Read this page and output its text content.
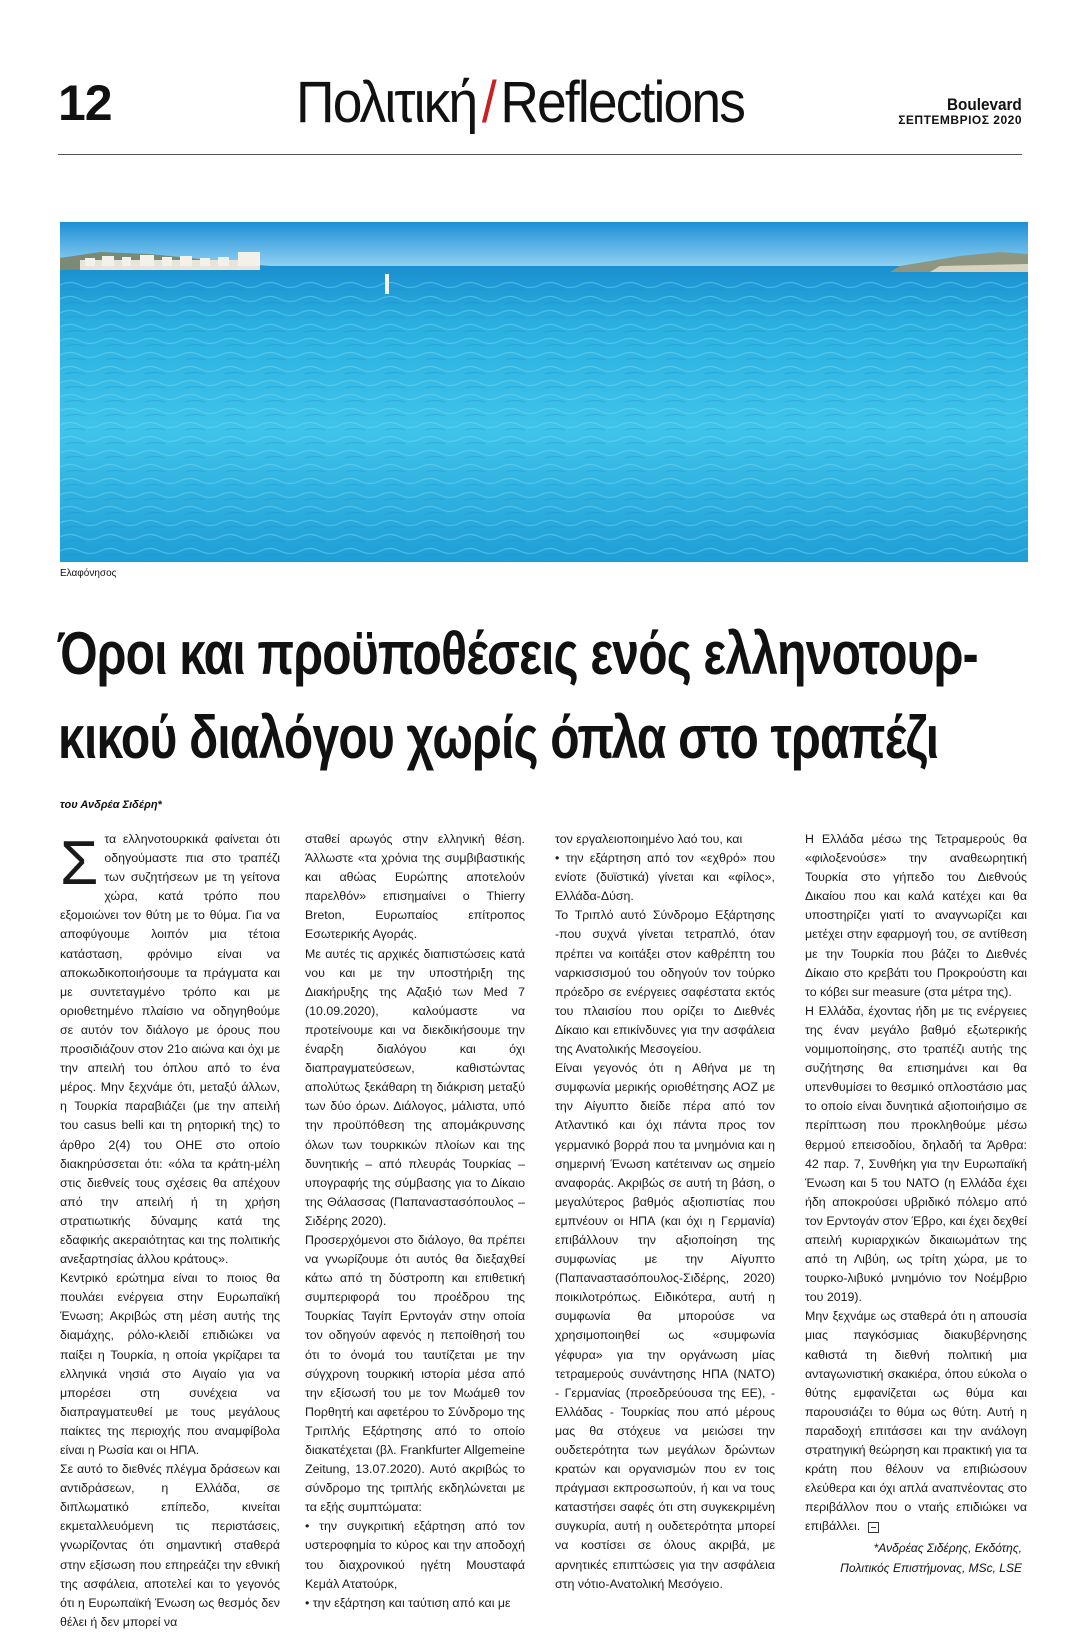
12	Πολιτική/Reflections	Boulevard
ΣΕΠΤΕΜΒΡΙΟΣ 2020
Ελαφόνησος
Όροι και προϋποθέσεις ενός ελληνοτουρ-
κικού διαλόγου χωρίς όπλα στο τραπέζι
του Ανδρέα Σιδέρη*
Σ τα ελληνοτουρκικά φαίνεται ότι οδηγούμαστε πια στο τραπέζι των συζητήσεων με τη γείτονα χώρα, κατά τρόπο που εξομοιώνει τον θύτη με το θύμα. Για να αποφύγουμε λοιπόν μια τέτοια κατάσταση, φρόνιμο είναι να αποκωδικοποιήσουμε τα πράγματα και με συντεταγμένο τρόπο και με οριοθετημένο πλαίσιο να οδηγηθούμε σε αυτόν τον διάλογο με όρους που προσιδιάζουν στον 21ο αιώνα και όχι με την απειλή του όπλου από το ένα μέρος. Μην ξεχνάμε ότι, μεταξύ άλλων, η Τουρκία παραβιάζει (με την απειλή του casus belli και τη ρητορική της) το άρθρο 2(4) του ΟΗΕ στο οποίο διακηρύσσεται ότι: «όλα τα κράτη-μέλη στις διεθνείς τους σχέσεις θα απέχουν από την απειλή ή τη χρήση στρατιωτικής δύναμης κατά της εδαφικής ακεραιότητας και της πολιτικής ανεξαρτησίας άλλου κράτους».

Κεντρικό ερώτημα είναι το ποιος θα πουλάει ενέργεια στην Ευρωπαϊκή Ένωση; Ακριβώς στη μέση αυτής της διαμάχης, ρόλο-κλειδί επιδιώκει να παίξει η Τουρκία, η οποία γκρίζαρει τα ελληνικά νησιά στο Αιγαίο για να μπορέσει στη συνέχεια να διαπραγματευθεί με τους μεγάλους παίκτες της περιοχής που αναμφίβολα είναι η Ρωσία και οι ΗΠΑ.

Σε αυτό το διεθνές πλέγμα δράσεων και αντιδράσεων, η Ελλάδα, σε διπλωματικό επίπεδο, κινείται εκμεταλλευόμενη τις περιστάσεις, γνωρίζοντας ότι σημαντική σταθερά στην εξίσωση που επηρεάζει την εθνική της ασφάλεια, αποτελεί και το γεγονός ότι η Ευρωπαϊκή Ένωση ως θεσμός δεν θέλει ή δεν μπορεί να

σταθεί αρωγός στην ελληνική θέση. Άλλωστε «τα χρόνια της συμβιβαστικής και αθώας Ευρώπης αποτελούν παρελθόν» επισημαίνει ο Thierry Breton, Ευρωπαίος επίτροπος Εσωτερικής Αγοράς.

Με αυτές τις αρχικές διαπιστώσεις κατά νου και με την υποστήριξη της Διακήρυξης της Αζαξιό των Med 7 (10.09.2020), καλούμαστε να προτείνουμε και να διεκδικήσουμε την έναρξη διαλόγου και όχι διαπραγματεύσεων, καθιστώντας απολύτως ξεκάθαρη τη διάκριση μεταξύ των δύο όρων. Διάλογος, μάλιστα, υπό την προϋπόθεση της απομάκρυνσης όλων των τουρκικών πλοίων και της δυνητικής – από πλευράς Τουρκίας – υπογραφής της σύμβασης για το Δίκαιο της Θάλασσας (Παπαναστασόπουλος – Σιδέρης 2020).

Προσερχόμενοι στο διάλογο, θα πρέπει να γνωρίζουμε ότι αυτός θα διεξαχθεί κάτω από τη δύστροπη και επιθετική συμπεριφορά του προέδρου της Τουρκίας Ταγίπ Ερντογάν στην οποία τον οδηγούν αφενός η πεποίθησή του ότι το όνομά του ταυτίζεται με την σύγχρονη τουρκική ιστορία μέσα από την εξίσωσή του με τον Μωάμεθ τον Πορθητή και αφετέρου το Σύνδρομο της Τριπλής Εξάρτησης από το οποίο διακατέχεται (βλ. Frankfurter Allgemeine Zeitung, 13.07.2020). Αυτό ακριβώς το σύνδρομο της τριπλής εκδηλώνεται με τα εξής συμπτώματα:

• την συγκριτική εξάρτηση από τον υστεροφημία το κύρος και την αποδοχή του διαχρονικού ηγέτη Μουσταφά Κεμάλ Ατατούρκ,

• την εξάρτηση και ταύτιση από και με

τον εργαλειοποιημένο λαό του, και

• την εξάρτηση από τον «εχθρό» που ενίοτε (δυϊστικά) γίνεται και «φίλος», Ελλάδα-Δύση.

Το Τριπλό αυτό Σύνδρομο Εξάρτησης -που συχνά γίνεται τετραπλό, όταν πρέπει να κοιτάξει στον καθρέπτη του ναρκισσισμού του οδηγούν τον τούρκο πρόεδρο σε ενέργειες σαφέστατα εκτός του πλαισίου που ορίζει το Διεθνές Δίκαιο και επικίνδυνες για την ασφάλεια της Ανατολικής Μεσογείου.

Είναι γεγονός ότι η Αθήνα με τη συμφωνία μερικής οριοθέτησης ΑΟΖ με την Αίγυπτο διείδε πέρα από τον Ατλαντικό και όχι πάντα προς τον γερμανικό βορρά που τα μνημόνια και η σημερινή Ένωση κατέτειναν ως σημείο αναφοράς. Ακριβώς σε αυτή τη βάση, ο μεγαλύτερος βαθμός αξιοπιστίας που εμπνέουν οι ΗΠΑ (και όχι η Γερμανία) επιβάλλουν την αξιοποίηση της συμφωνίας με την Αίγυπτο (Παπαναστασόπουλος-Σιδέρης, 2020) ποικιλοτρόπως. Ειδικότερα, αυτή η συμφωνία θα μπορούσε να χρησιμοποιηθεί ως «συμφωνία γέφυρα» για την οργάνωση μίας τετραμερούς συνάντησης ΗΠΑ (ΝΑΤΟ) - Γερμανίας (προεδρεύουσα της ΕΕ), - Ελλάδας - Τουρκίας που από μέρους μας θα στόχευε να μειώσει την ουδετερότητα των μεγάλων δρώντων κρατών και οργανισμών που εν τοις πράγμασι εκπροσωπούν, ή και να τους καταστήσει σαφές ότι στη συγκεκριμένη συγκυρία, αυτή η ουδετερότητα μπορεί να κοστίσει σε όλους ακριβά, με αρνητικές επιπτώσεις για την ασφάλεια στη νότιο-Ανατολική Μεσόγειο.

Η Ελλάδα μέσω της Τετραμερούς θα «φιλοξενούσε» την αναθεωρητική Τουρκία στο γήπεδο του Διεθνούς Δικαίου που και καλά κατέχει και θα υποστηρίζει γιατί το αναγνωρίζει και μετέχει στην εφαρμογή του, σε αντίθεση με την Τουρκία που βάζει το Διεθνές Δίκαιο στο κρεβάτι του Προκρούστη και το κόβει sur measure (στα μέτρα της).

Η Ελλάδα, έχοντας ήδη με τις ενέργειες της έναν μεγάλο βαθμό εξωτερικής νομιμοποίησης, στο τραπέζι αυτής της συζήτησης θα επισημάνει και θα υπενθυμίσει το θεσμικό οπλοστάσιο μας το οποίο είναι δυνητικά αξιοποιήσιμο σε περίπτωση που προκληθούμε μέσω θερμού επεισοδίου, δηλαδή τα Άρθρα: 42 παρ. 7, Συνθήκη για την Ευρωπαϊκή Ένωση και 5 του ΝΑΤΟ (η Ελλάδα έχει ήδη αποκρούσει υβριδικό πόλεμο από τον Ερντογάν στον Έβρο, και έχει δεχθεί απειλή κυριαρχικών δικαιωμάτων της από τη Λιβύη, ως τρίτη χώρα, με το τουρκο-λιβυκό μνημόνιο τον Νοέμβριο του 2019).

Μην ξεχνάμε ως σταθερά ότι η απουσία μιας παγκόσμιας διακυβέρνησης καθιστά τη διεθνή πολιτική μια ανταγωνιστική σκακιέρα, όπου εύκολα ο θύτης εμφανίζεται ως θύμα και παρουσιάζει το θύμα ως θύτη. Αυτή η παραδοχή επιτάσσει και την ανάλογη στρατηγική θεώρηση και πρακτική για τα κράτη που θέλουν να επιβιώσουν ελεύθερα και όχι απλά αναπνέοντας στο περιβάλλον που ο νταής επιδιώκει να επιβάλλει.

*Ανδρέας Σιδέρης, Εκδότης,
Πολιτικός Επιστήμονας, MSc, LSE
